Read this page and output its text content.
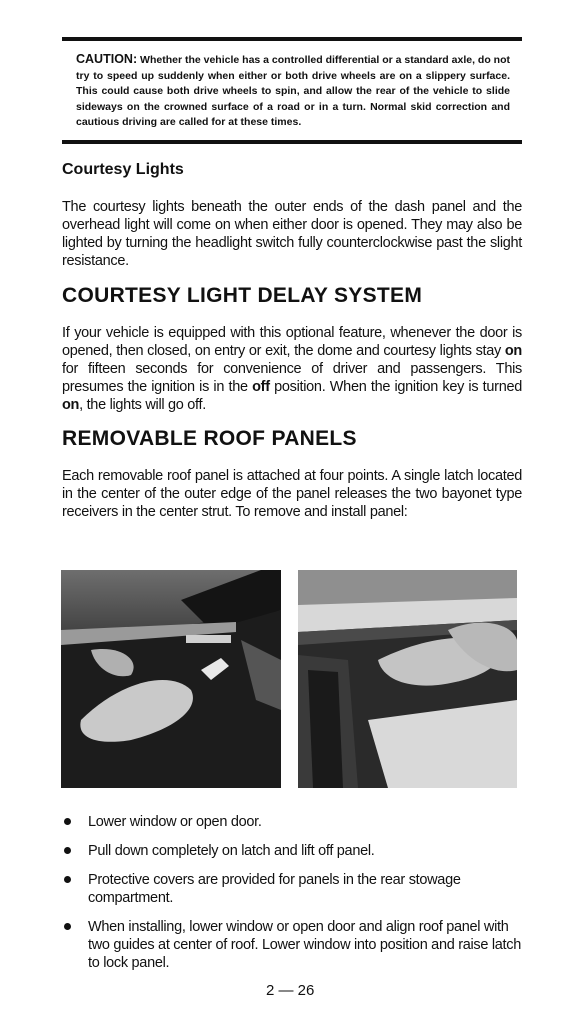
CAUTION: Whether the vehicle has a controlled differential or a standard axle, do not try to speed up suddenly when either or both drive wheels are on a slippery surface. This could cause both drive wheels to spin, and allow the rear of the vehicle to slide sideways on the crowned surface of a road or in a turn. Normal skid correction and cautious driving are called for at these times.
Courtesy Lights

The courtesy lights beneath the outer ends of the dash panel and the overhead light will come on when either door is opened. They may also be lighted by turning the headlight switch fully counterclockwise past the slight resistance.

COURTESY LIGHT DELAY SYSTEM

If your vehicle is equipped with this optional feature, whenever the door is opened, then closed, on entry or exit, the dome and courtesy lights stay on for fifteen seconds for convenience of driver and passengers. This presumes the ignition is in the off position. When the ignition key is turned on, the lights will go off.

REMOVABLE ROOF PANELS

Each removable roof panel is attached at four points. A single latch located in the center of the outer edge of the panel releases the two bayonet type receivers in the center strut. To remove and install panel:

Lower window or open door.
Pull down completely on latch and lift off panel.
Protective covers are provided for panels in the rear stowage compartment.
When installing, lower window or open door and align roof panel with two guides at center of roof. Lower window into position and raise latch to lock panel.
2 — 26
